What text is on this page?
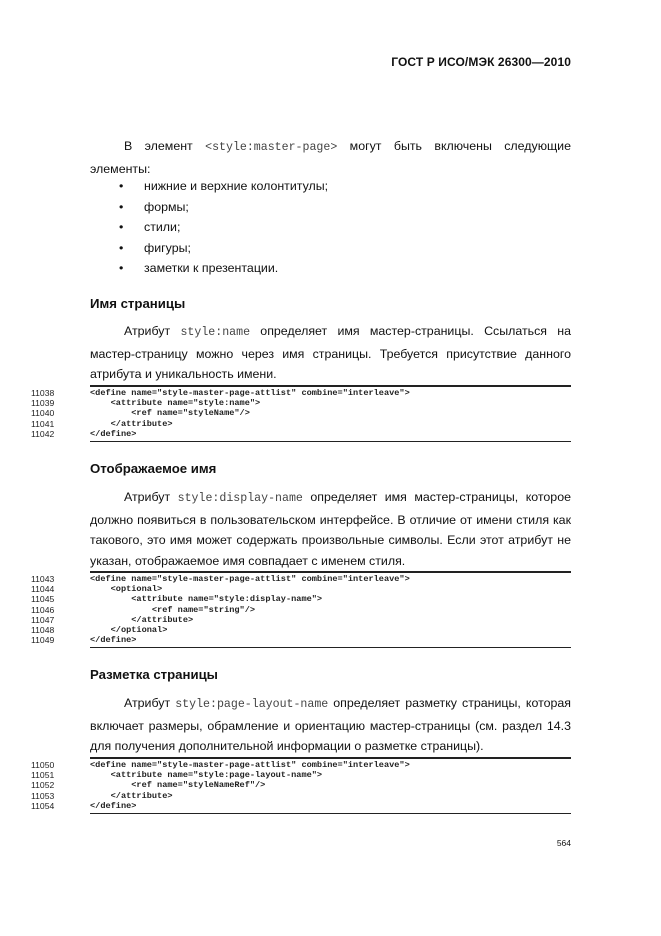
ГОСТ Р ИСО/МЭК 26300—2010
В элемент <style:master-page> могут быть включены следующие элементы:
• нижние и верхние колонтитулы;
• формы;
• стили;
• фигуры;
• заметки к презентации.
Имя страницы
Атрибут style:name определяет имя мастер-страницы. Ссылаться на мастер-страницу можно через имя страницы. Требуется присутствие данного атрибута и уникальность имени.
11038	<define name="style-master-page-attlist" combine="interleave">
11039	<attribute name="style:name">
11040	<ref name="styleName"/>
11041	</attribute>
11042	</define>
Отображаемое имя
Атрибут style:display-name определяет имя мастер-страницы, которое должно появиться в пользовательском интерфейсе. В отличие от имени стиля как такового, это имя может содержать произвольные символы. Если этот атрибут не указан, отображаемое имя совпадает с именем стиля.
11043	<define name="style-master-page-attlist" combine="interleave">
11044	<optional>
11045	<attribute name="style:display-name">
11046	<ref name="string"/>
11047	</attribute>
11048	</optional>
11049	</define>
Разметка страницы
Атрибут style:page-layout-name определяет разметку страницы, которая включает размеры, обрамление и ориентацию мастер-страницы (см. раздел 14.3 для получения дополнительной информации о разметке страницы).
11050	<define name="style-master-page-attlist" combine="interleave">
11051	<attribute name="style:page-layout-name">
11052	<ref name="styleNameRef"/>
11053	</attribute>
11054	</define>
564
